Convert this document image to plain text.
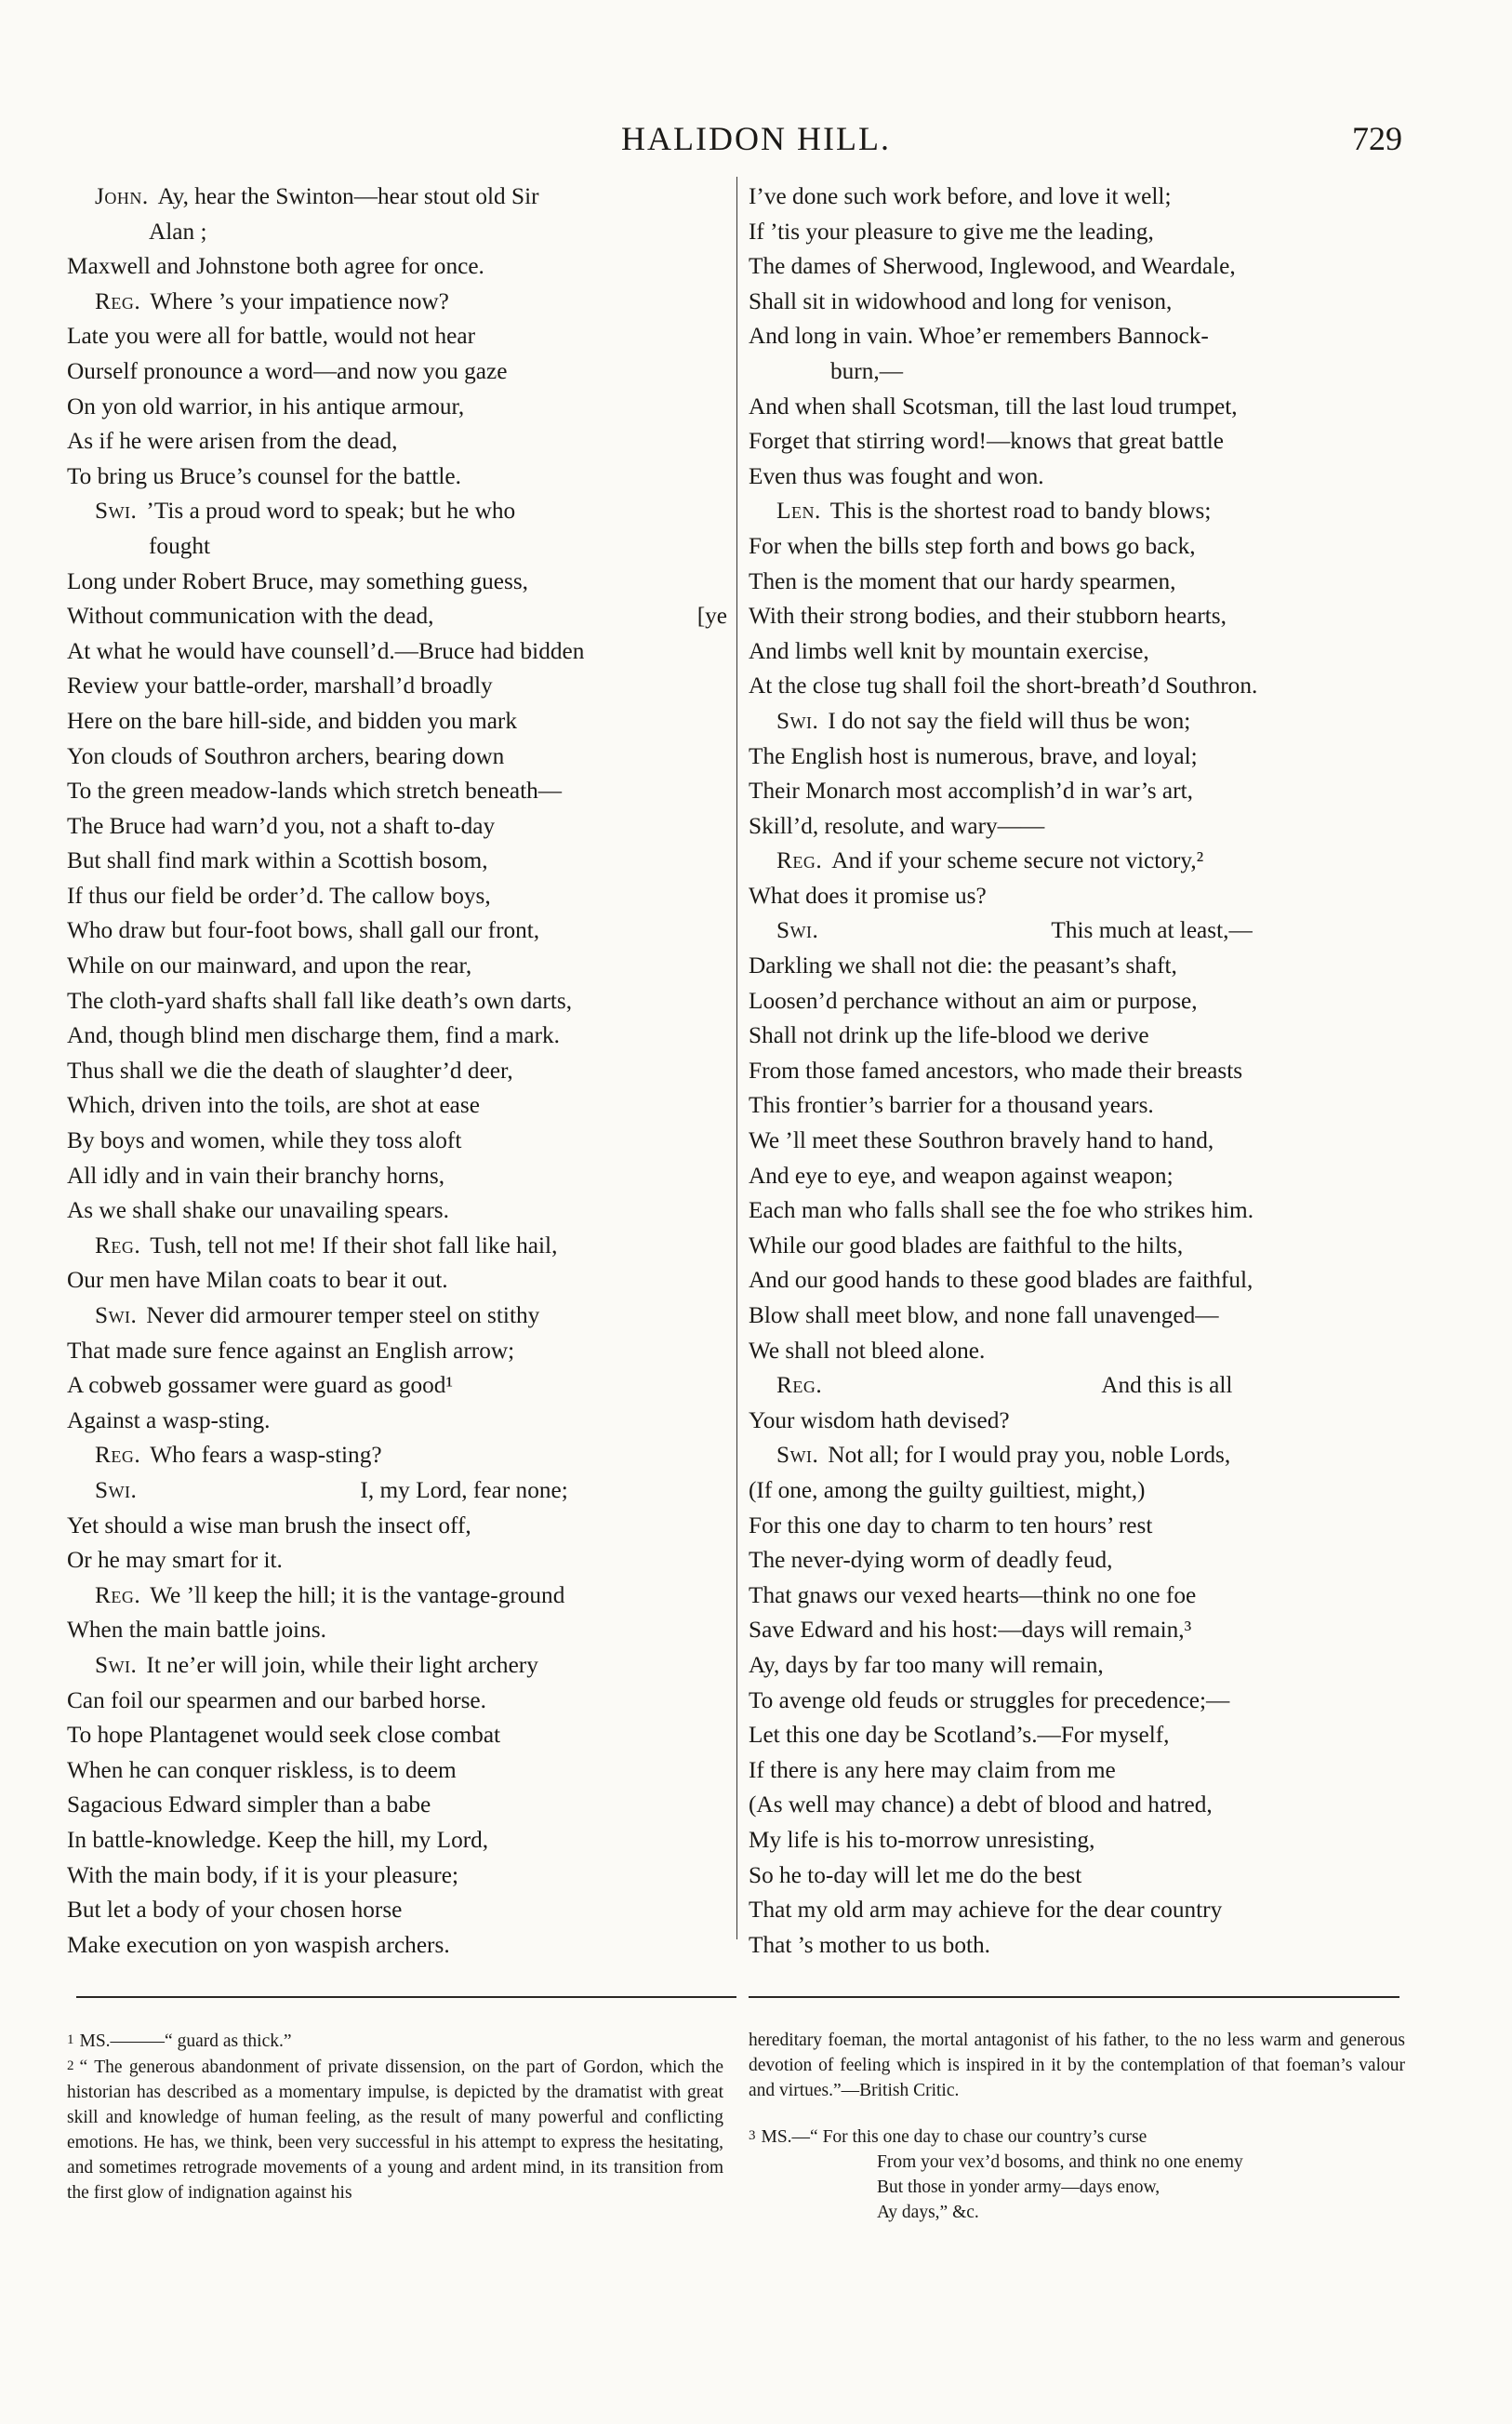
HALIDON HILL.	729
John. Ay, hear the Swinton—hear stout old Sir
Alan ;
Maxwell and Johnstone both agree for once.
Reg. Where ’s your impatience now?
Late you were all for battle, would not hear
Ourself pronounce a word—and now you gaze
On yon old warrior, in his antique armour,
As if he were arisen from the dead,
To bring us Bruce’s counsel for the battle.
Swi. ’Tis a proud word to speak; but he who
fought
Long under Robert Bruce, may something guess,
Without communication with the dead,	[ye
At what he would have counsell’d.—Bruce had bidden
Review your battle-order, marshall’d broadly
Here on the bare hill-side, and bidden you mark
Yon clouds of Southron archers, bearing down
To the green meadow-lands which stretch beneath—
The Bruce had warn’d you, not a shaft to-day
But shall find mark within a Scottish bosom,
If thus our field be order’d. The callow boys,
Who draw but four-foot bows, shall gall our front,
While on our mainward, and upon the rear,
The cloth-yard shafts shall fall like death’s own darts,
And, though blind men discharge them, find a mark.
Thus shall we die the death of slaughter’d deer,
Which, driven into the toils, are shot at ease
By boys and women, while they toss aloft
All idly and in vain their branchy horns,
As we shall shake our unavailing spears.
Reg. Tush, tell not me! If their shot fall like hail,
Our men have Milan coats to bear it out.
Swi. Never did armourer temper steel on stithy
That made sure fence against an English arrow;
A cobweb gossamer were guard as good¹
Against a wasp-sting.
Reg. Who fears a wasp-sting?
Swi.	I, my Lord, fear none;
Yet should a wise man brush the insect off,
Or he may smart for it.
Reg. We ’ll keep the hill; it is the vantage-ground
When the main battle joins.
Swi. It ne’er will join, while their light archery
Can foil our spearmen and our barbed horse.
To hope Plantagenet would seek close combat
When he can conquer riskless, is to deem
Sagacious Edward simpler than a babe
In battle-knowledge. Keep the hill, my Lord,
With the main body, if it is your pleasure;
But let a body of your chosen horse
Make execution on yon waspish archers.
I’ve done such work before, and love it well;
If ’tis your pleasure to give me the leading,
The dames of Sherwood, Inglewood, and Weardale,
Shall sit in widowhood and long for venison,
And long in vain. Whoe’er remembers Bannock-
burn,—
And when shall Scotsman, till the last loud trumpet,
Forget that stirring word!—knows that great battle
Even thus was fought and won.
Len. This is the shortest road to bandy blows;
For when the bills step forth and bows go back,
Then is the moment that our hardy spearmen,
With their strong bodies, and their stubborn hearts,
And limbs well knit by mountain exercise,
At the close tug shall foil the short-breath’d Southron.
Swi. I do not say the field will thus be won;
The English host is numerous, brave, and loyal;
Their Monarch most accomplish’d in war’s art,
Skill’d, resolute, and wary——
Reg. And if your scheme secure not victory,²
What does it promise us?
Swi.	This much at least,—
Darkling we shall not die: the peasant’s shaft,
Loosen’d perchance without an aim or purpose,
Shall not drink up the life-blood we derive
From those famed ancestors, who made their breasts
This frontier’s barrier for a thousand years.
We ’ll meet these Southron bravely hand to hand,
And eye to eye, and weapon against weapon;
Each man who falls shall see the foe who strikes him.
While our good blades are faithful to the hilts,
And our good hands to these good blades are faithful,
Blow shall meet blow, and none fall unavenged—
We shall not bleed alone.
Reg.	And this is all
Your wisdom hath devised?
Swi. Not all; for I would pray you, noble Lords,
(If one, among the guilty guiltiest, might,)
For this one day to charm to ten hours’ rest
The never-dying worm of deadly feud,
That gnaws our vexed hearts—think no one foe
Save Edward and his host:—days will remain,³
Ay, days by far too many will remain,
To avenge old feuds or struggles for precedence;—
Let this one day be Scotland’s.—For myself,
If there is any here may claim from me
(As well may chance) a debt of blood and hatred,
My life is his to-morrow unresisting,
So he to-day will let me do the best
That my old arm may achieve for the dear country
That ’s mother to us both.
1 MS.———“ guard as thick.”
2 “ The generous abandonment of private dissension, on the part of Gordon, which the historian has described as a momentary impulse, is depicted by the dramatist with great skill and knowledge of human feeling, as the result of many powerful and conflicting emotions. He has, we think, been very successful in his attempt to express the hesitating, and sometimes retrograde movements of a young and ardent mind, in its transition from the first glow of indignation against his
hereditary foeman, the mortal antagonist of his father, to the no less warm and generous devotion of feeling which is inspired in it by the contemplation of that foeman’s valour and virtues.”—British Critic.
3 MS.—“ For this one day to chase our country’s curse
From your vex’d bosoms, and think no one enemy
But those in yonder army—days enow,
Ay days,” &c.
